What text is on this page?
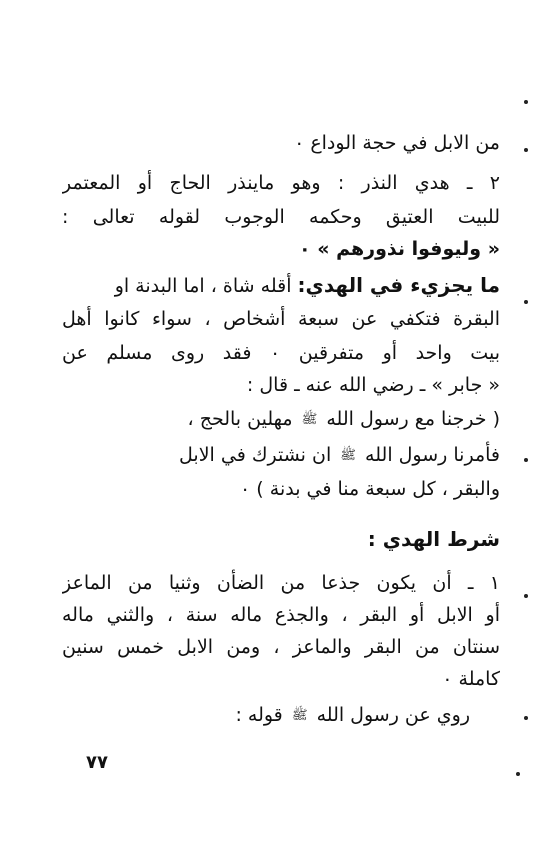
من الابل في حجة الوداع ٠
٢ ـ هدي النذر : وهو ماينذر الحاج أو المعتمر
للبيت العتيق وحكمه الوجوب لقوله تعالى :
« وليوفوا نذورهم » ٠
ما يجزيء في الهدي: أقله شاة ، اما البدنة او
البقرة فتكفي عن سبعة أشخاص ، سواء كانوا أهل
بيت واحد أو متفرقين ٠ فقد روى مسلم عن
« جابر » ـ رضي الله عنه ـ قال :
( خرجنا مع رسول الله ﷺ مهلين بالحج ،
فأمرنا رسول الله ﷺ ان نشترك في الابل
والبقر ، كل سبعة منا في بدنة ) ٠
شرط الهدي :
١ ـ أن يكون جذعا من الضأن وثنيا من الماعز
أو الابل أو البقر ، والجذع ماله سنة ، والثني ماله
سنتان من البقر والماعز ، ومن الابل خمس سنين
كاملة ٠
روي عن رسول الله ﷺ قوله :
٧٧
